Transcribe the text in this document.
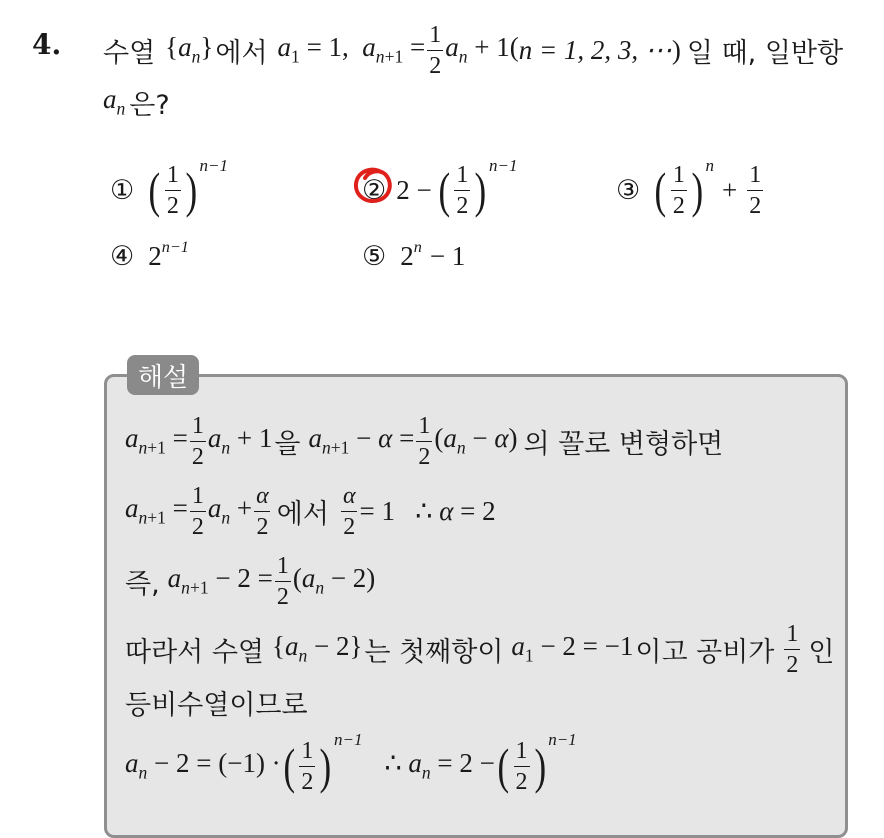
4. 수열 $\{a_n\}$ 에서 $a_1 = 1$,  $a_{n+1} = \frac{1}{2} a_n + 1$( n = 1, 2, 3, ⋯ ) 일 때, 일반항
$a_n$ 은?
① ( $\frac{1}{2}$ ) n−1
② 2 − ( $\frac{1}{2}$ ) n−1
③ ( $\frac{1}{2}$ ) n
+ $\frac{1}{2}$
④ $2^{n-1}$	⑤ $2^n - 1$
해설
$a_{n+1} = \frac{1}{2} a_n + 1$ 을 $a_{n+1} - \alpha = \frac{1}{2} (a_n - \alpha)$ 의 꼴로 변형하면
$a_{n+1} = \frac{1}{2} a_n + \frac{\alpha}{2}$ 에서 $\frac{\alpha}{2} = 1$   ∴ α = 2
즉, $a_{n+1} - 2 = \frac{1}{2} (a_n - 2)$
따라서 수열 $\{a_n - 2\}$ 는 첫째항이 $a_1 - 2 = -1$ 이고 공비가 $\frac{1}{2}$ 인
등비수열이므로
$a_n - 2 = (-1)$ · ( $\frac{1}{2}$ ) n−1
∴ $a_n = 2$ − ( $\frac{1}{2}$ ) n−1
